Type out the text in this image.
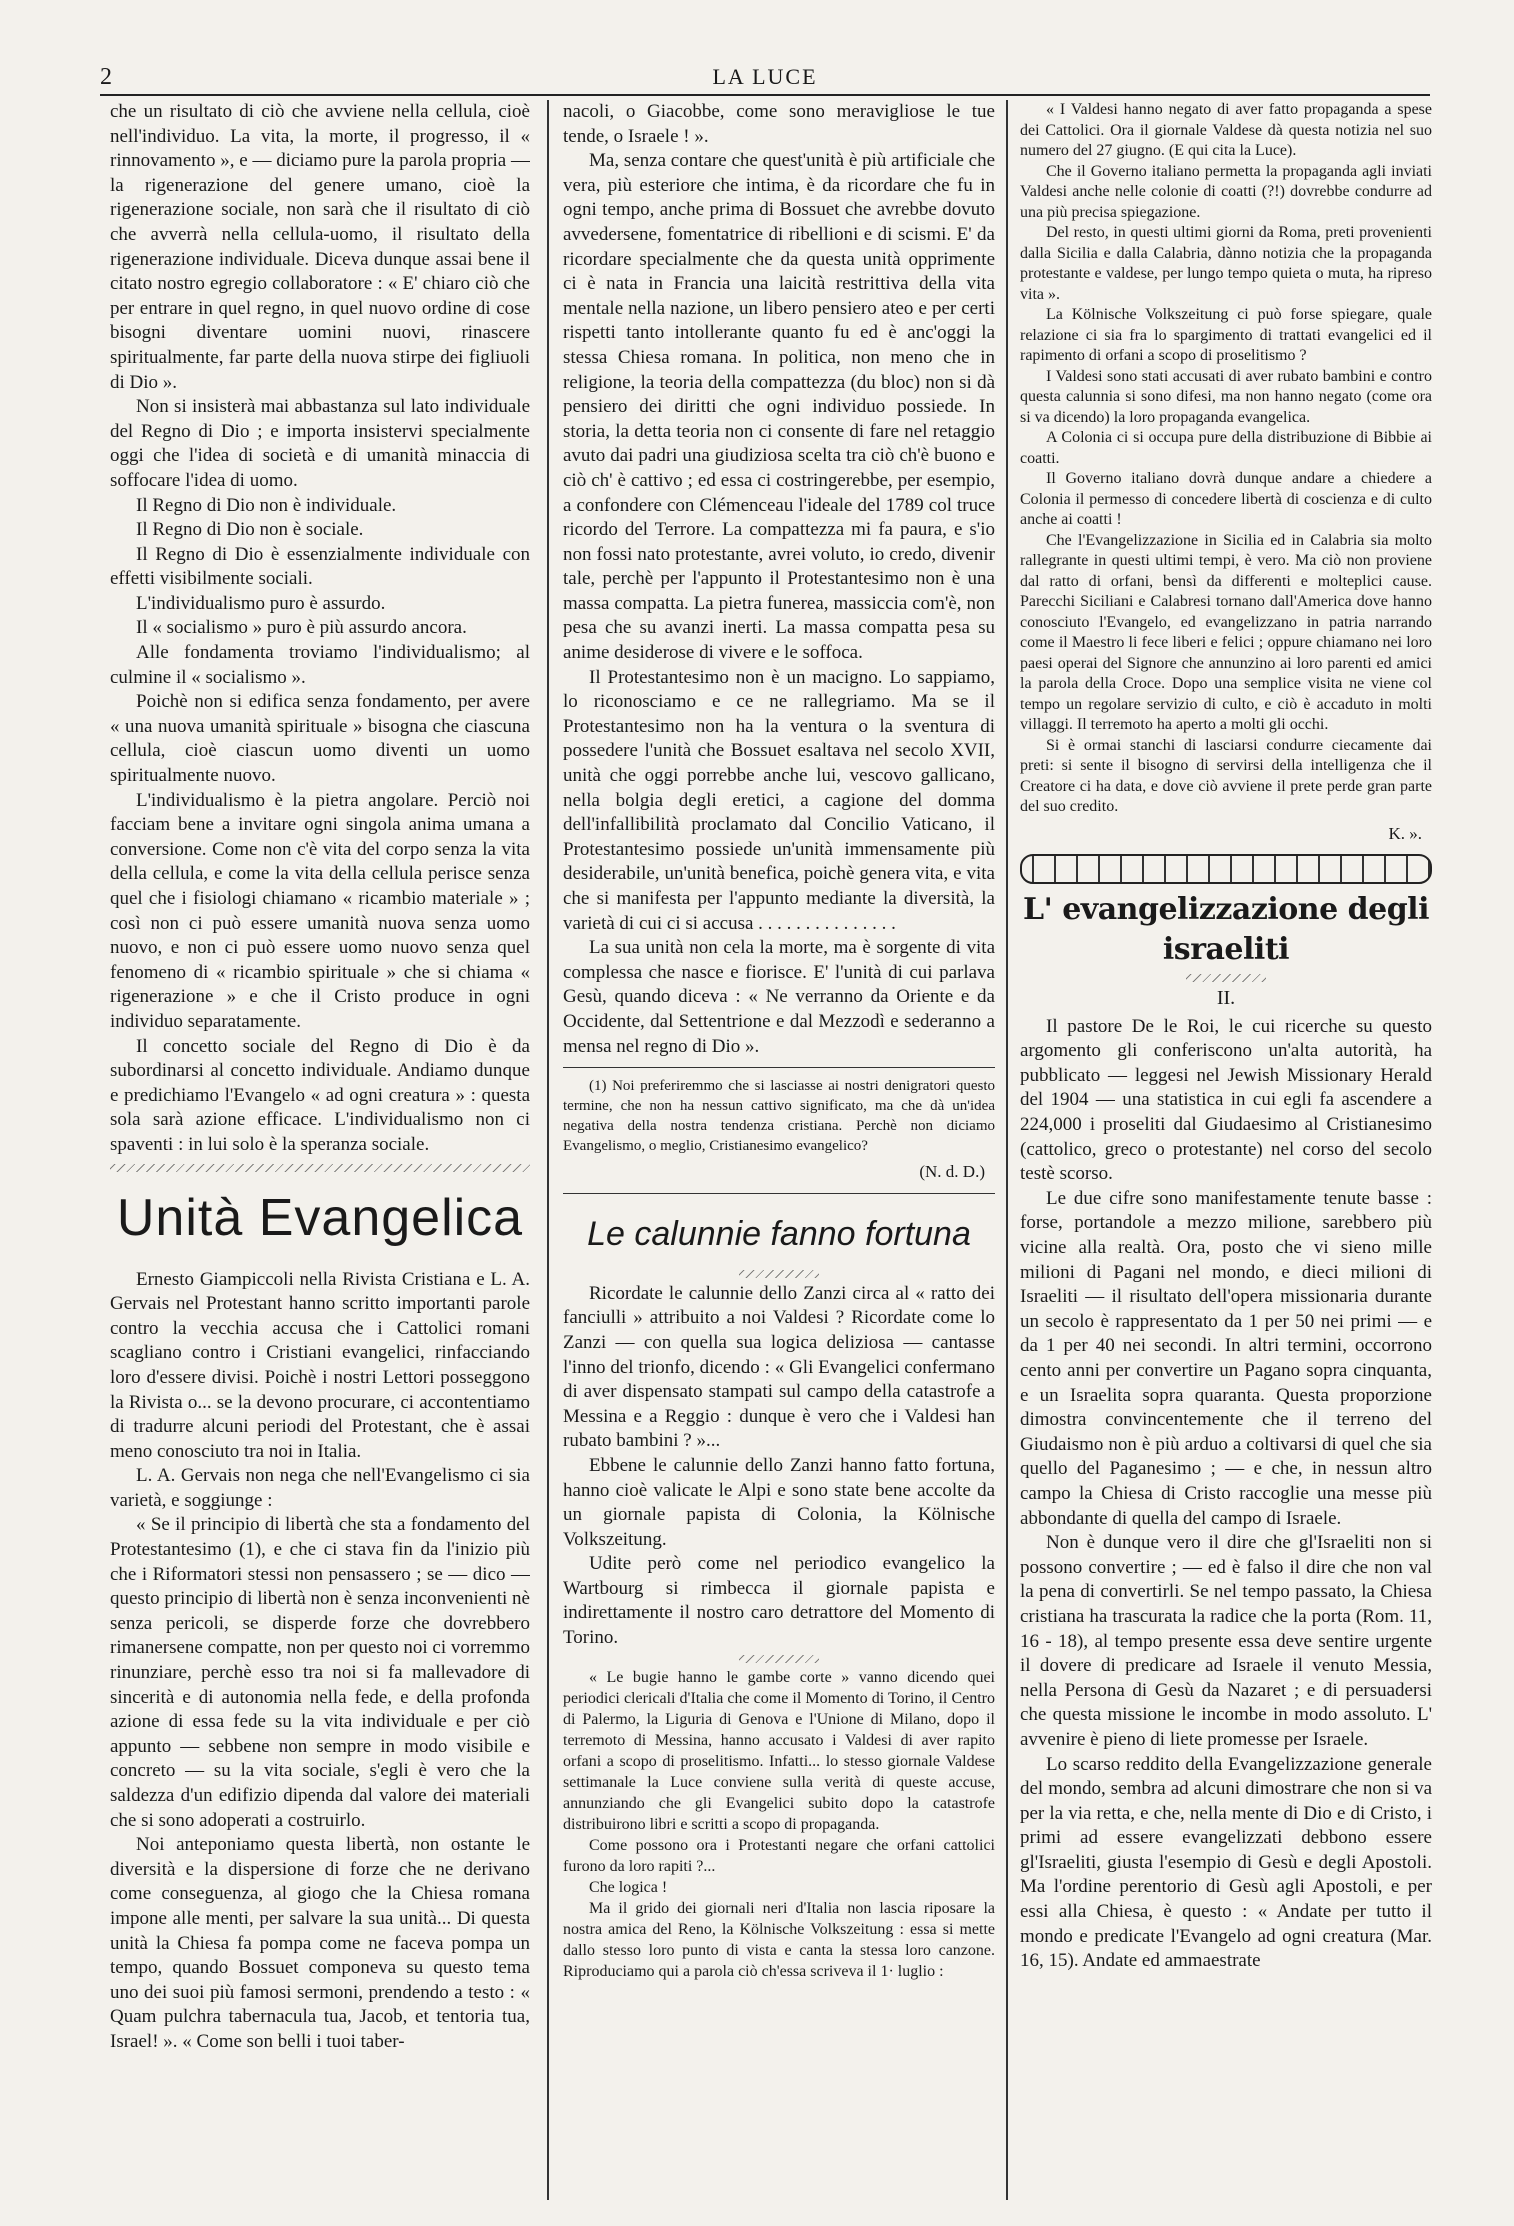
2	LA LUCE

che un risultato di ciò che avviene nella cellula, cioè nell'individuo. La vita, la morte, il progresso, il « rinnovamento », e — diciamo pure la parola propria — la rigenerazione del genere umano, cioè la rigenerazione sociale, non sarà che il risultato di ciò che avverrà nella cellula-uomo, il risultato della rigenerazione individuale. Diceva dunque assai bene il citato nostro egregio collaboratore : « E' chiaro ciò che per entrare in quel regno, in quel nuovo ordine di cose bisogni diventare uomini nuovi, rinascere spiritualmente, far parte della nuova stirpe dei figliuoli di Dio ».

Non si insisterà mai abbastanza sul lato individuale del Regno di Dio ; e importa insistervi specialmente oggi che l'idea di società e di umanità minaccia di soffocare l'idea di uomo.

Il Regno di Dio non è individuale.

Il Regno di Dio non è sociale.

Il Regno di Dio è essenzialmente individuale con effetti visibilmente sociali.

L'individualismo puro è assurdo.

Il « socialismo » puro è più assurdo ancora.

Alle fondamenta troviamo l'individualismo; al culmine il « socialismo ».

Poichè non si edifica senza fondamento, per avere « una nuova umanità spirituale » bisogna che ciascuna cellula, cioè ciascun uomo diventi un uomo spiritualmente nuovo.

L'individualismo è la pietra angolare. Perciò noi facciam bene a invitare ogni singola anima umana a conversione. Come non c'è vita del corpo senza la vita della cellula, e come la vita della cellula perisce senza quel che i fisiologi chiamano « ricambio materiale » ; così non ci può essere umanità nuova senza uomo nuovo, e non ci può essere uomo nuovo senza quel fenomeno di « ricambio spirituale » che si chiama « rigenerazione » e che il Cristo produce in ogni individuo separatamente.

Il concetto sociale del Regno di Dio è da subordinarsi al concetto individuale. Andiamo dunque e predichiamo l'Evangelo « ad ogni creatura » : questa sola sarà azione efficace. L'individualismo non ci spaventi : in lui solo è la speranza sociale.

Unità Evangelica

Ernesto Giampiccoli nella Rivista Cristiana e L. A. Gervais nel Protestant hanno scritto importanti parole contro la vecchia accusa che i Cattolici romani scagliano contro i Cristiani evangelici, rinfacciando loro d'essere divisi. Poichè i nostri Lettori posseggono la Rivista o... se la devono procurare, ci accontentiamo di tradurre alcuni periodi del Protestant, che è assai meno conosciuto tra noi in Italia.

L. A. Gervais non nega che nell'Evangelismo ci sia varietà, e soggiunge :

« Se il principio di libertà che sta a fondamento del Protestantesimo (1), e che ci stava fin da l'inizio più che i Riformatori stessi non pensassero ; se — dico — questo principio di libertà non è senza inconvenienti nè senza pericoli, se disperde forze che dovrebbero rimanersene compatte, non per questo noi ci vorremmo rinunziare, perchè esso tra noi si fa mallevadore di sincerità e di autonomia nella fede, e della profonda azione di essa fede su la vita individuale e per ciò appunto — sebbene non sempre in modo visibile e concreto — su la vita sociale, s'egli è vero che la saldezza d'un edifizio dipenda dal valore dei materiali che si sono adoperati a costruirlo.

Noi anteponiamo questa libertà, non ostante le diversità e la dispersione di forze che ne derivano come conseguenza, al giogo che la Chiesa romana impone alle menti, per salvare la sua unità... Di questa unità la Chiesa fa pompa come ne faceva pompa un tempo, quando Bossuet componeva su questo tema uno dei suoi più famosi sermoni, prendendo a testo : « Quam pulchra tabernacula tua, Jacob, et tentoria tua, Israel! ». « Come son belli i tuoi taber-

nacoli, o Giacobbe, come sono meravigliose le tue tende, o Israele ! ».

Ma, senza contare che quest'unità è più artificiale che vera, più esteriore che intima, è da ricordare che fu in ogni tempo, anche prima di Bossuet che avrebbe dovuto avvedersene, fomentatrice di ribellioni e di scismi. E' da ricordare specialmente che da questa unità opprimente ci è nata in Francia una laicità restrittiva della vita mentale nella nazione, un libero pensiero ateo e per certi rispetti tanto intollerante quanto fu ed è anc'oggi la stessa Chiesa romana. In politica, non meno che in religione, la teoria della compattezza (du bloc) non si dà pensiero dei diritti che ogni individuo possiede. In storia, la detta teoria non ci consente di fare nel retaggio avuto dai padri una giudiziosa scelta tra ciò ch'è buono e ciò ch' è cattivo ; ed essa ci costringerebbe, per esempio, a confondere con Clémenceau l'ideale del 1789 col truce ricordo del Terrore. La compattezza mi fa paura, e s'io non fossi nato protestante, avrei voluto, io credo, divenir tale, perchè per l'appunto il Protestantesimo non è una massa compatta. La pietra funerea, massiccia com'è, non pesa che su avanzi inerti. La massa compatta pesa su anime desiderose di vivere e le soffoca.

Il Protestantesimo non è un macigno. Lo sappiamo, lo riconosciamo e ce ne rallegriamo. Ma se il Protestantesimo non ha la ventura o la sventura di possedere l'unità che Bossuet esaltava nel secolo XVII, unità che oggi porrebbe anche lui, vescovo gallicano, nella bolgia degli eretici, a cagione del domma dell'infallibilità proclamato dal Concilio Vaticano, il Protestantesimo possiede un'unità immensamente più desiderabile, un'unità benefica, poichè genera vita, e vita che si manifesta per l'appunto mediante la diversità, la varietà di cui ci si accusa . . . . . . . . . . . . . . .

La sua unità non cela la morte, ma è sorgente di vita complessa che nasce e fiorisce. E' l'unità di cui parlava Gesù, quando diceva : « Ne verranno da Oriente e da Occidente, dal Settentrione e dal Mezzodì e sederanno a mensa nel regno di Dio ».

(1) Noi preferiremmo che si lasciasse ai nostri denigratori questo termine, che non ha nessun cattivo significato, ma che dà un'idea negativa della nostra tendenza cristiana. Perchè non diciamo Evangelismo, o meglio, Cristianesimo evangelico?

(N. d. D.)
Le calunnie fanno fortuna

Ricordate le calunnie dello Zanzi circa al « ratto dei fanciulli » attribuito a noi Valdesi ? Ricordate come lo Zanzi — con quella sua logica deliziosa — cantasse l'inno del trionfo, dicendo : « Gli Evangelici confermano di aver dispensato stampati sul campo della catastrofe a Messina e a Reggio : dunque è vero che i Valdesi han rubato bambini ? »...

Ebbene le calunnie dello Zanzi hanno fatto fortuna, hanno cioè valicate le Alpi e sono state bene accolte da un giornale papista di Colonia, la Kölnische Volkszeitung.

Udite però come nel periodico evangelico la Wartbourg si rimbecca il giornale papista e indirettamente il nostro caro detrattore del Momento di Torino.

« Le bugie hanno le gambe corte » vanno dicendo quei periodici clericali d'Italia che come il Momento di Torino, il Centro di Palermo, la Liguria di Genova e l'Unione di Milano, dopo il terremoto di Messina, hanno accusato i Valdesi di aver rapito orfani a scopo di proselitismo. Infatti... lo stesso giornale Valdese settimanale la Luce conviene sulla verità di queste accuse, annunziando che gli Evangelici subito dopo la catastrofe distribuirono libri e scritti a scopo di propaganda.

Come possono ora i Protestanti negare che orfani cattolici furono da loro rapiti ?...

Che logica !

Ma il grido dei giornali neri d'Italia non lascia riposare la nostra amica del Reno, la Kölnische Volkszeitung : essa si mette dallo stesso loro punto di vista e canta la stessa loro canzone. Riproduciamo qui a parola ciò ch'essa scriveva il 1· luglio :

« I Valdesi hanno negato di aver fatto propaganda a spese dei Cattolici. Ora il giornale Valdese dà questa notizia nel suo numero del 27 giugno. (E qui cita la Luce).

Che il Governo italiano permetta la propaganda agli inviati Valdesi anche nelle colonie di coatti (?!) dovrebbe condurre ad una più precisa spiegazione.

Del resto, in questi ultimi giorni da Roma, preti provenienti dalla Sicilia e dalla Calabria, dànno notizia che la propaganda protestante e valdese, per lungo tempo quieta o muta, ha ripreso vita ».

La Kölnische Volkszeitung ci può forse spiegare, quale relazione ci sia fra lo spargimento di trattati evangelici ed il rapimento di orfani a scopo di proselitismo ?

I Valdesi sono stati accusati di aver rubato bambini e contro questa calunnia si sono difesi, ma non hanno negato (come ora si va dicendo) la loro propaganda evangelica.

A Colonia ci si occupa pure della distribuzione di Bibbie ai coatti.

Il Governo italiano dovrà dunque andare a chiedere a Colonia il permesso di concedere libertà di coscienza e di culto anche ai coatti !

Che l'Evangelizzazione in Sicilia ed in Calabria sia molto rallegrante in questi ultimi tempi, è vero. Ma ciò non proviene dal ratto di orfani, bensì da differenti e molteplici cause. Parecchi Siciliani e Calabresi tornano dall'America dove hanno conosciuto l'Evangelo, ed evangelizzano in patria narrando come il Maestro li fece liberi e felici ; oppure chiamano nei loro paesi operai del Signore che annunzino ai loro parenti ed amici la parola della Croce. Dopo una semplice visita ne viene col tempo un regolare servizio di culto, e ciò è accaduto in molti villaggi. Il terremoto ha aperto a molti gli occhi.

Si è ormai stanchi di lasciarsi condurre ciecamente dai preti: si sente il bisogno di servirsi della intelligenza che il Creatore ci ha data, e dove ciò avviene il prete perde gran parte del suo credito.

K. ».
L' evangelizzazione degli israeliti
II.

Il pastore De le Roi, le cui ricerche su questo argomento gli conferiscono un'alta autorità, ha pubblicato — leggesi nel Jewish Missionary Herald del 1904 — una statistica in cui egli fa ascendere a 224,000 i proseliti dal Giudaesimo al Cristianesimo (cattolico, greco o protestante) nel corso del secolo testè scorso.

Le due cifre sono manifestamente tenute basse : forse, portandole a mezzo milione, sarebbero più vicine alla realtà. Ora, posto che vi sieno mille milioni di Pagani nel mondo, e dieci milioni di Israeliti — il risultato dell'opera missionaria durante un secolo è rappresentato da 1 per 50 nei primi — e da 1 per 40 nei secondi. In altri termini, occorrono cento anni per convertire un Pagano sopra cinquanta, e un Israelita sopra quaranta. Questa proporzione dimostra convincentemente che il terreno del Giudaismo non è più arduo a coltivarsi di quel che sia quello del Paganesimo ; — e che, in nessun altro campo la Chiesa di Cristo raccoglie una messe più abbondante di quella del campo di Israele.

Non è dunque vero il dire che gl'Israeliti non si possono convertire ; — ed è falso il dire che non val la pena di convertirli. Se nel tempo passato, la Chiesa cristiana ha trascurata la radice che la porta (Rom. 11, 16 - 18), al tempo presente essa deve sentire urgente il dovere di predicare ad Israele il venuto Messia, nella Persona di Gesù da Nazaret ; e di persuadersi che questa missione le incombe in modo assoluto. L' avvenire è pieno di liete promesse per Israele.

Lo scarso reddito della Evangelizzazione generale del mondo, sembra ad alcuni dimostrare che non si va per la via retta, e che, nella mente di Dio e di Cristo, i primi ad essere evangelizzati debbono essere gl'Israeliti, giusta l'esempio di Gesù e degli Apostoli. Ma l'ordine perentorio di Gesù agli Apostoli, e per essi alla Chiesa, è questo : « Andate per tutto il mondo e predicate l'Evangelo ad ogni creatura (Mar. 16, 15). Andate ed ammaestrate
